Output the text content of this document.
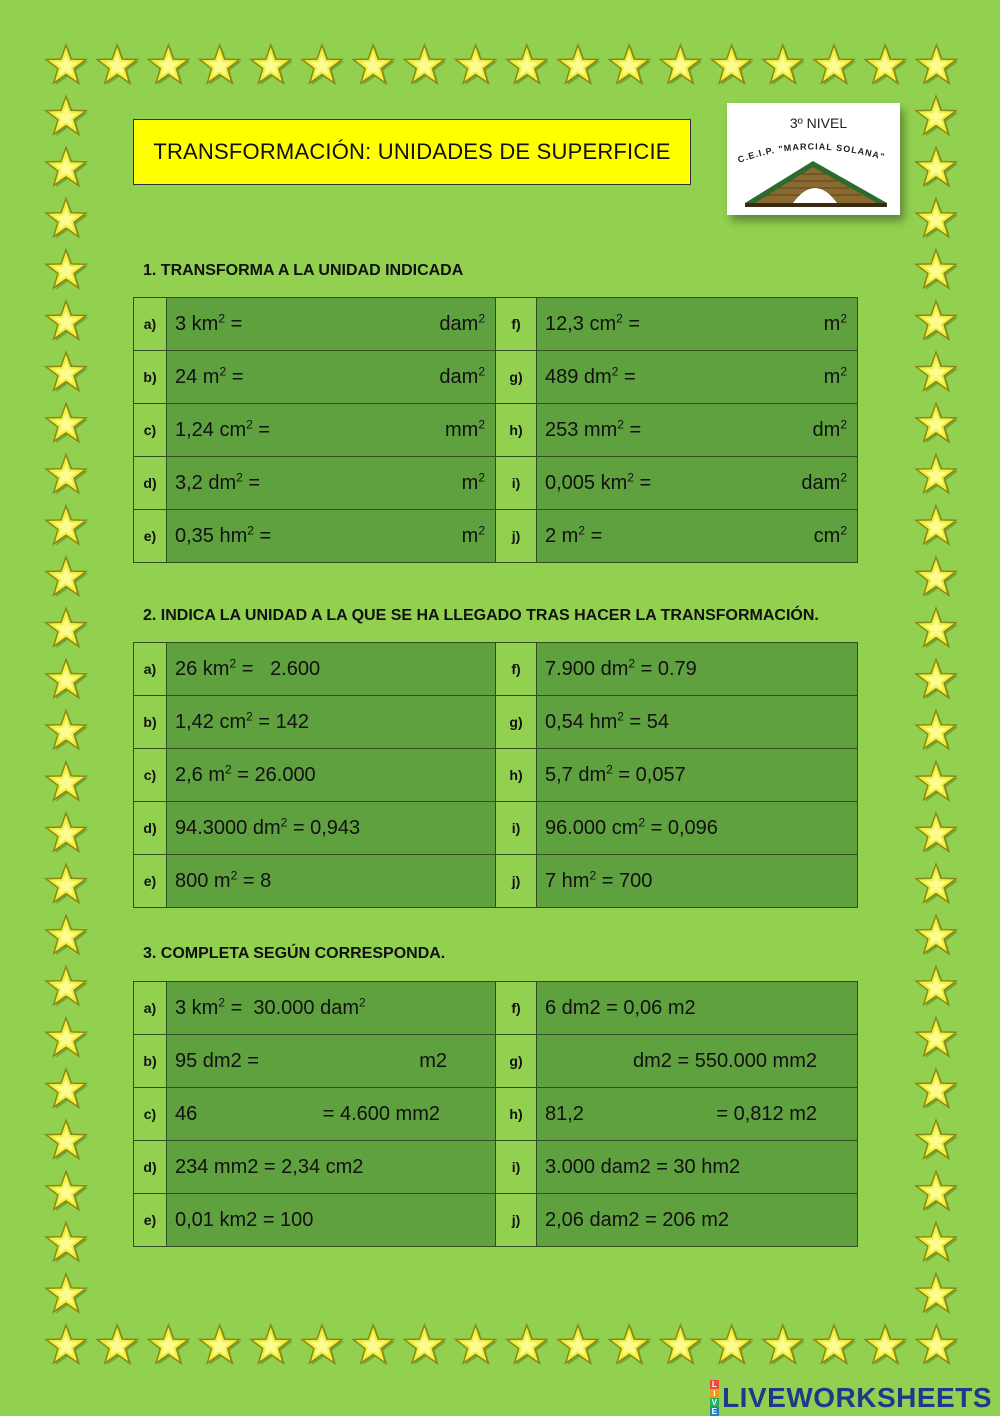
TRANSFORMACIÓN: UNIDADES DE SUPERFICIE
3º NIVEL
C.E.I.P. "MARCIAL SOLANA"
1. TRANSFORMA A LA UNIDAD INDICADA
a)	3 $km^2 = dam^2$	f)	12,3 $cm^2 = m^2$

b)	24 $m^2 = dam^2$	g)	489 $dm^2 = m^2$

c)	1,24 $cm^2 = mm^2$	h)	253 $mm^2 = dm^2$

d)	3,2 $dm^2 = m^2$	i)	0,005 $km^2 = dam^2$

e)	0,35 $hm^2 = m^2$	j)	2 $m^2 = cm^2$
2. INDICA LA UNIDAD A LA QUE SE HA LLEGADO TRAS HACER LA TRANSFORMACIÓN.
a)	26 $km^2 = 2.600$	f)	7.900 $dm^2 = 0.79$

b)	1,42 $cm^2 = 142$	g)	0,54 $hm^2 = 54$

c)	2,6 $m^2 = 26.000$	h)	5,7 $dm^2 = 0,057$

d)	94.3000 $dm^2 = 0,943$	i)	96.000 $cm^2 = 0,096$

e)	800 $m^2 = 8$	j)	7 $hm^2 = 700$
3. COMPLETA SEGÚN CORRESPONDA.
a)	3 $km^2 = 30.000$ dam$^2$	f)	6 dm2 = 0,06 m2

b)	95 dm2 = m2	g)	dm2 = 550.000 mm2

c)	46 = 4.600 mm2	h)	81,2 = 0,812 m2

d)	234 mm2 = 2,34 cm2	i)	3.000 dam2 = 30 hm2

e)	0,01 km2 = 100	j)	2,06 dam2 = 206 m2
L
I
V
E LIVEWORKSHEETS
